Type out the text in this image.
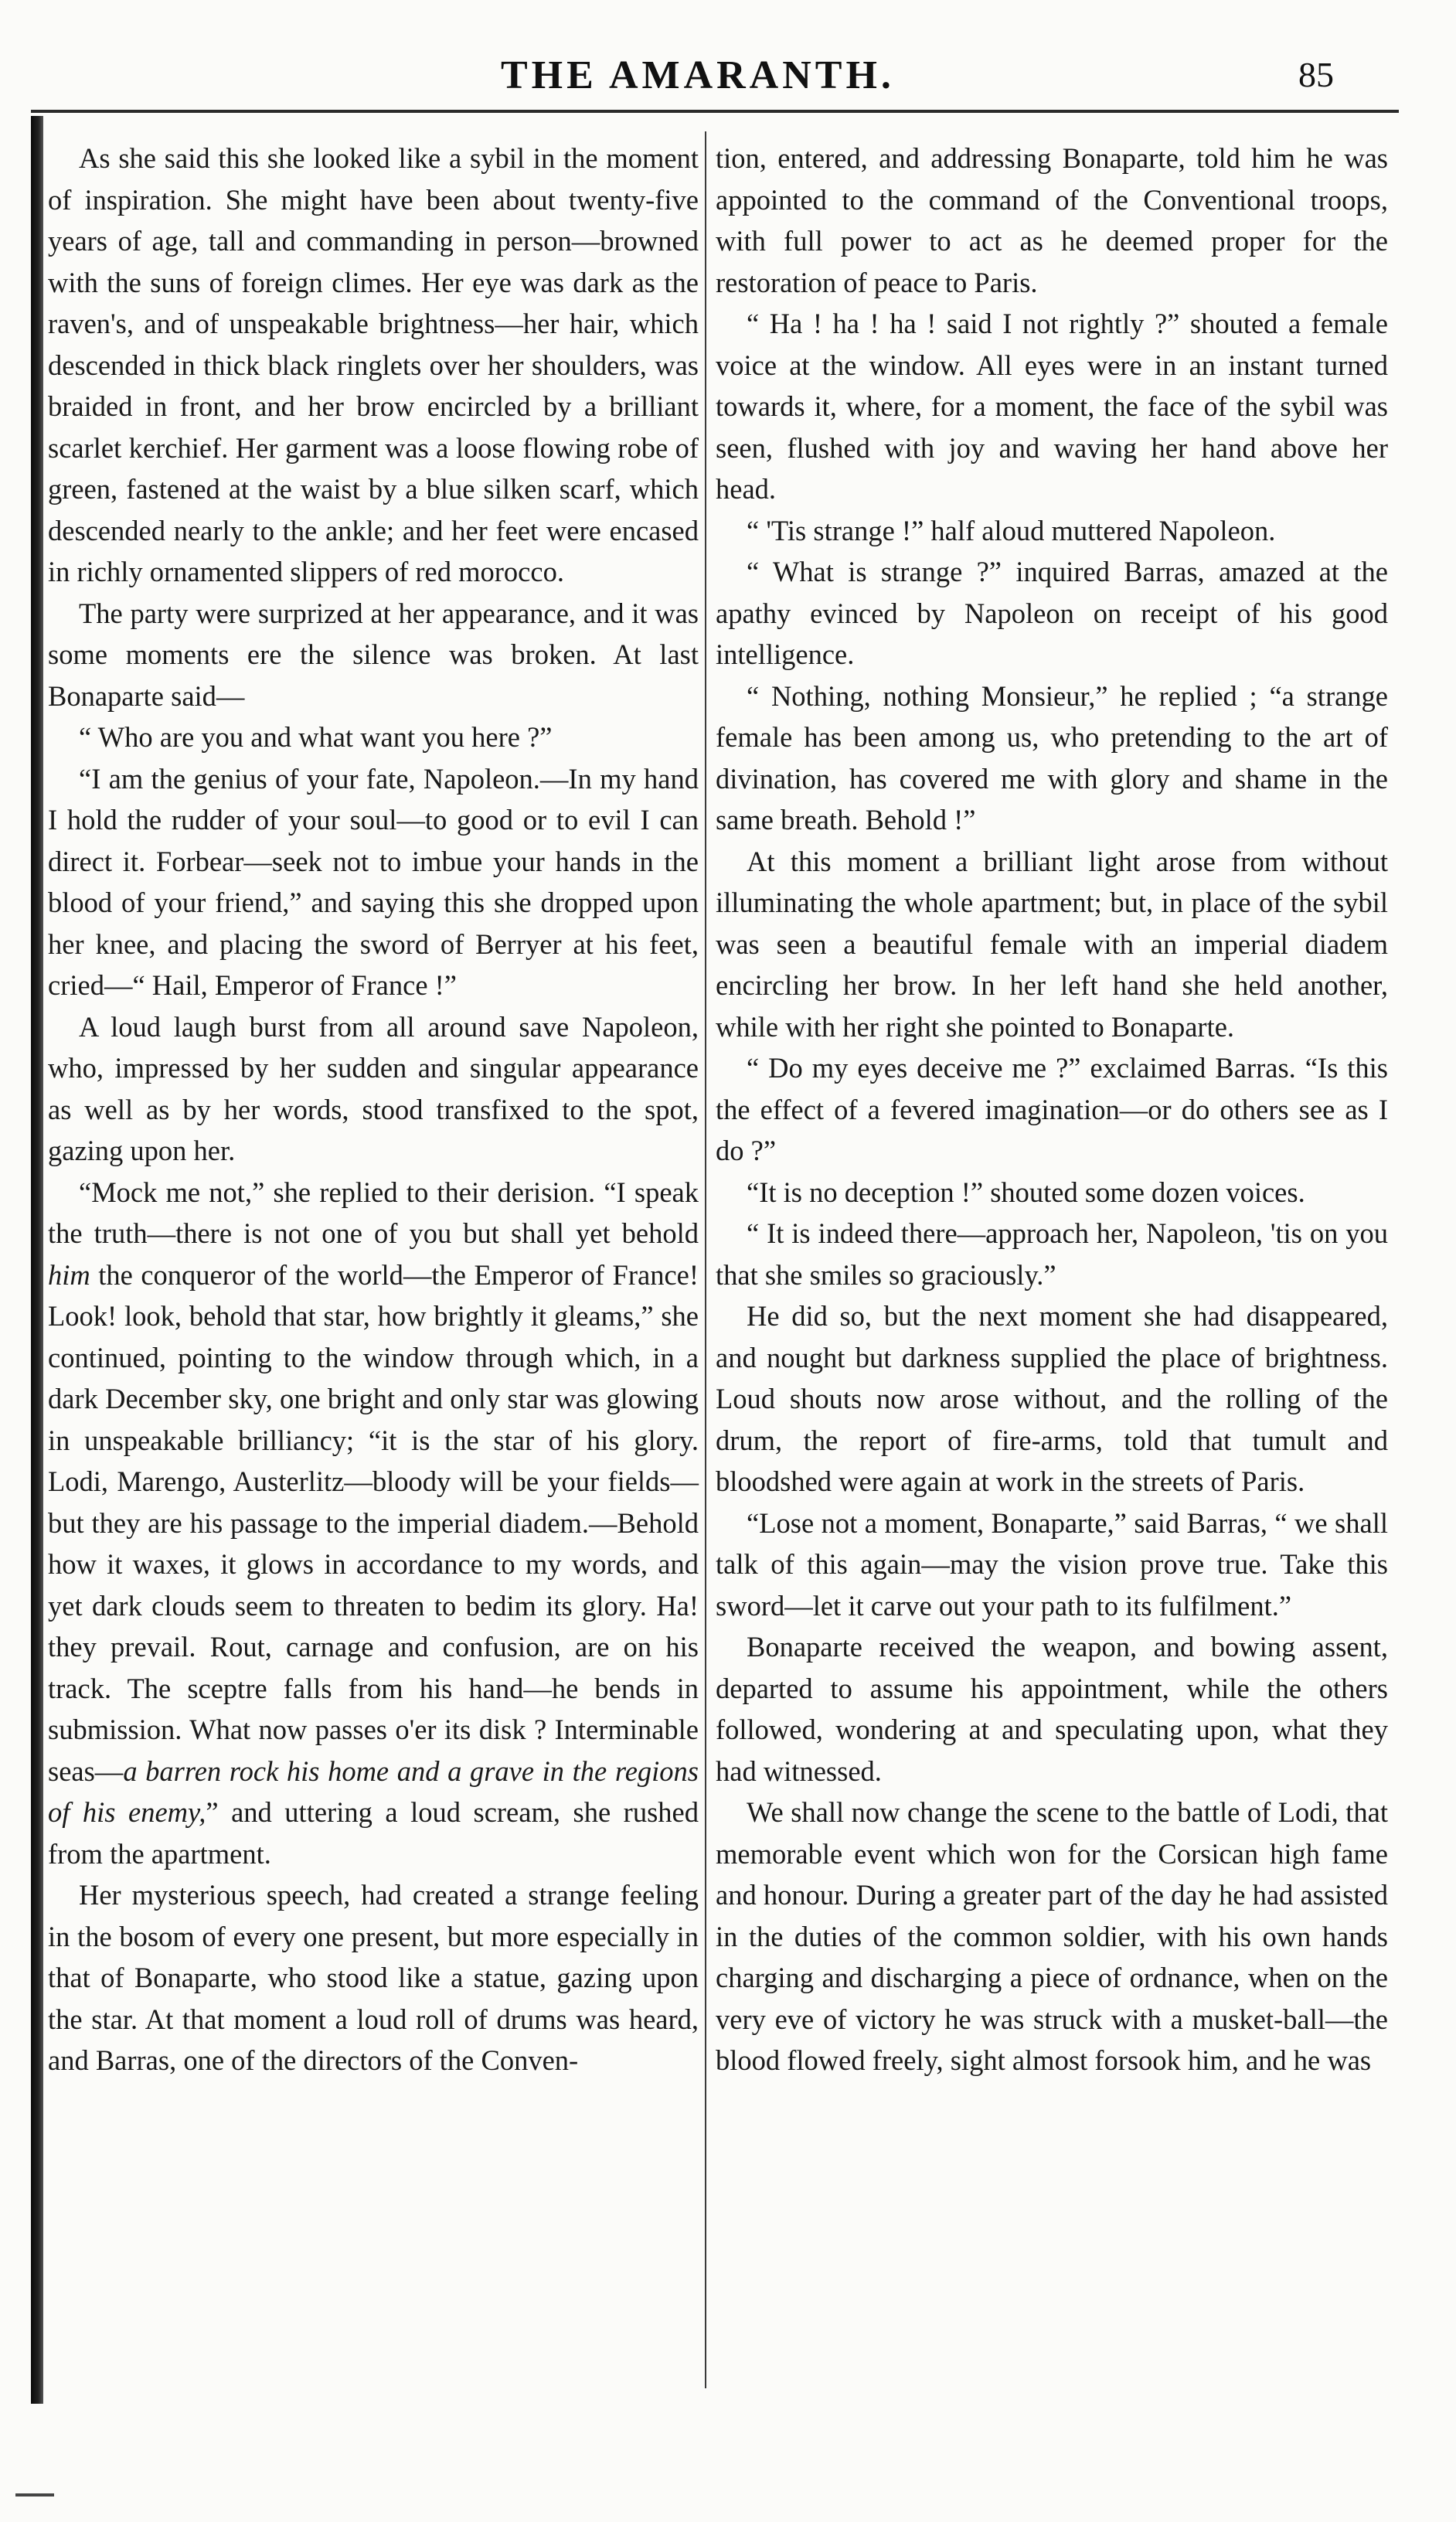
THE AMARANTH.	85

As she said this she looked like a sybil in the moment of inspiration. She might have been about twenty-five years of age, tall and commanding in person—browned with the suns of foreign climes. Her eye was dark as the raven's, and of unspeakable brightness—her hair, which descended in thick black ringlets over her shoulders, was braided in front, and her brow encircled by a brilliant scarlet kerchief. Her garment was a loose flowing robe of green, fastened at the waist by a blue silken scarf, which descended nearly to the ankle; and her feet were encased in richly ornamented slippers of red morocco.

The party were surprized at her appearance, and it was some moments ere the silence was broken. At last Bonaparte said—

“ Who are you and what want you here ?”

“I am the genius of your fate, Napoleon.—In my hand I hold the rudder of your soul—to good or to evil I can direct it. Forbear—seek not to imbue your hands in the blood of your friend,” and saying this she dropped upon her knee, and placing the sword of Berryer at his feet, cried—“ Hail, Emperor of France !”

A loud laugh burst from all around save Napoleon, who, impressed by her sudden and singular appearance as well as by her words, stood transfixed to the spot, gazing upon her.

“Mock me not,” she replied to their derision. “I speak the truth—there is not one of you but shall yet behold him the conqueror of the world—the Emperor of France! Look! look, behold that star, how brightly it gleams,” she continued, pointing to the window through which, in a dark December sky, one bright and only star was glowing in unspeakable brilliancy; “it is the star of his glory. Lodi, Marengo, Austerlitz—bloody will be your fields—but they are his passage to the imperial diadem.—Behold how it waxes, it glows in accordance to my words, and yet dark clouds seem to threaten to bedim its glory. Ha! they prevail. Rout, carnage and confusion, are on his track. The sceptre falls from his hand—he bends in submission. What now passes o'er its disk ? Interminable seas—a barren rock his home and a grave in the regions of his enemy,” and uttering a loud scream, she rushed from the apartment.

Her mysterious speech, had created a strange feeling in the bosom of every one present, but more especially in that of Bonaparte, who stood like a statue, gazing upon the star. At that moment a loud roll of drums was heard, and Barras, one of the directors of the Conven-

tion, entered, and addressing Bonaparte, told him he was appointed to the command of the Conventional troops, with full power to act as he deemed proper for the restoration of peace to Paris.

“ Ha ! ha ! ha ! said I not rightly ?” shouted a female voice at the window. All eyes were in an instant turned towards it, where, for a moment, the face of the sybil was seen, flushed with joy and waving her hand above her head.

“ 'Tis strange !” half aloud muttered Napoleon.

“ What is strange ?” inquired Barras, amazed at the apathy evinced by Napoleon on receipt of his good intelligence.

“ Nothing, nothing Monsieur,” he replied ; “a strange female has been among us, who pretending to the art of divination, has covered me with glory and shame in the same breath. Behold !”

At this moment a brilliant light arose from without illuminating the whole apartment; but, in place of the sybil was seen a beautiful female with an imperial diadem encircling her brow. In her left hand she held another, while with her right she pointed to Bonaparte.

“ Do my eyes deceive me ?” exclaimed Barras. “Is this the effect of a fevered imagination—or do others see as I do ?”

“It is no deception !” shouted some dozen voices.

“ It is indeed there—approach her, Napoleon, 'tis on you that she smiles so graciously.”

He did so, but the next moment she had disappeared, and nought but darkness supplied the place of brightness. Loud shouts now arose without, and the rolling of the drum, the report of fire-arms, told that tumult and bloodshed were again at work in the streets of Paris.

“Lose not a moment, Bonaparte,” said Barras, “ we shall talk of this again—may the vision prove true. Take this sword—let it carve out your path to its fulfilment.”

Bonaparte received the weapon, and bowing assent, departed to assume his appointment, while the others followed, wondering at and speculating upon, what they had witnessed.

We shall now change the scene to the battle of Lodi, that memorable event which won for the Corsican high fame and honour. During a greater part of the day he had assisted in the duties of the common soldier, with his own hands charging and discharging a piece of ordnance, when on the very eve of victory he was struck with a musket-ball—the blood flowed freely, sight almost forsook him, and he was
